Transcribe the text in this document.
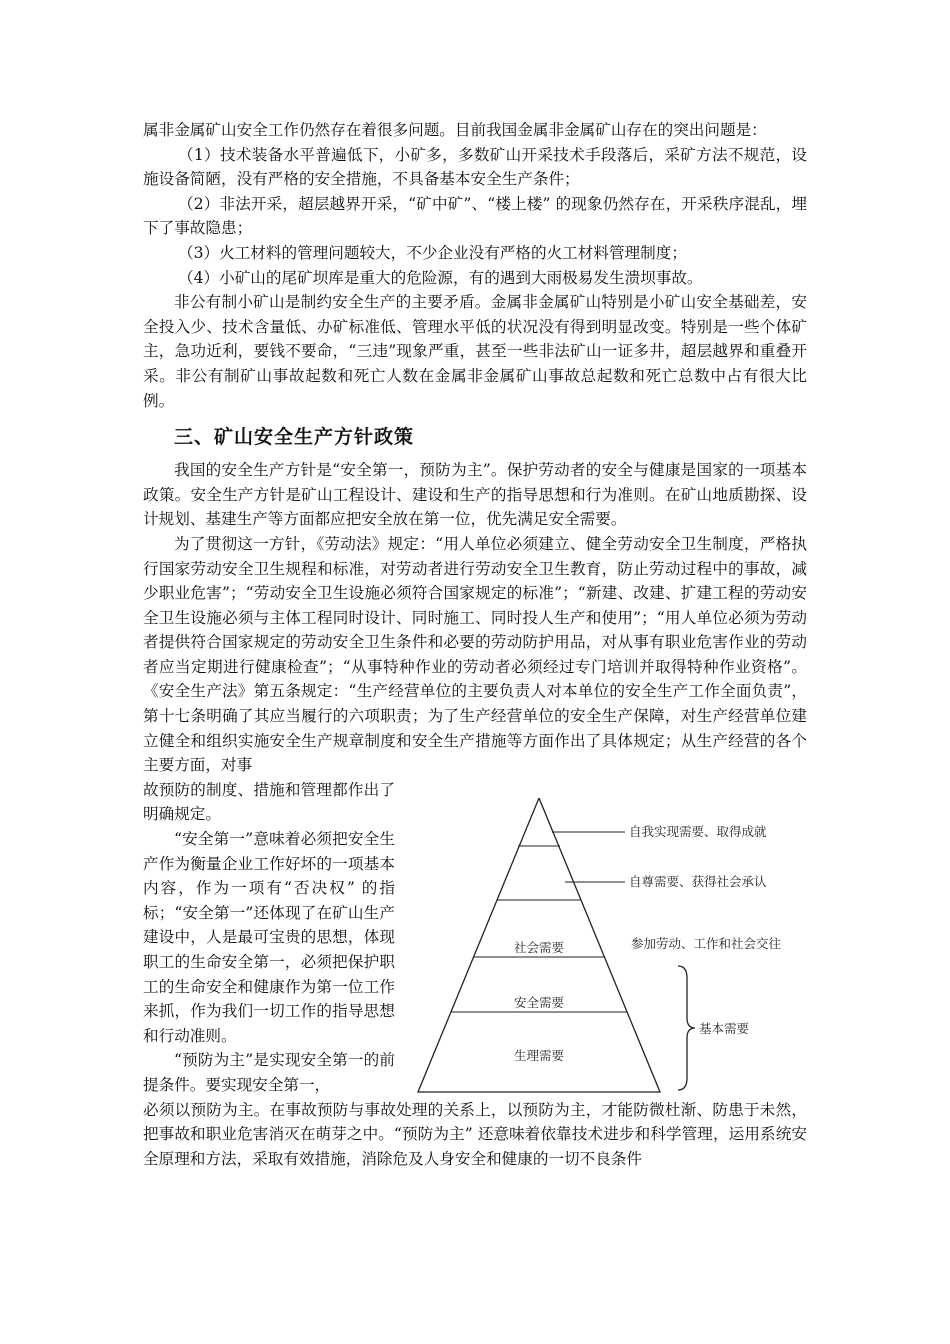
属非金属矿山安全工作仍然存在着很多问题。目前我国金属非金属矿山存在的突出问题是：

（1）技术装备水平普遍低下，小矿多，多数矿山开采技术手段落后，采矿方法不规范，设施设备简陋，没有严格的安全措施，不具备基本安全生产条件；

（2）非法开采，超层越界开采，“矿中矿”、“楼上楼” 的现象仍然存在，开采秩序混乱，埋下了事故隐患；

（3）火工材料的管理问题较大，不少企业没有严格的火工材料管理制度；

（4）小矿山的尾矿坝库是重大的危险源，有的遇到大雨极易发生溃坝事故。

非公有制小矿山是制约安全生产的主要矛盾。金属非金属矿山特别是小矿山安全基础差，安全投入少、技术含量低、办矿标准低、管理水平低的状况没有得到明显改变。特别是一些个体矿主，急功近利，要钱不要命，“三违”现象严重，甚至一些非法矿山一证多井，超层越界和重叠开采。非公有制矿山事故起数和死亡人数在金属非金属矿山事故总起数和死亡总数中占有很大比例。

三、矿山安全生产方针政策

我国的安全生产方针是“安全第一，预防为主”。保护劳动者的安全与健康是国家的一项基本政策。安全生产方针是矿山工程设计、建设和生产的指导思想和行为准则。在矿山地质勘探、设计规划、基建生产等方面都应把安全放在第一位，优先满足安全需要。

为了贯彻这一方针，《劳动法》规定：“用人单位必须建立、健全劳动安全卫生制度，严格执行国家劳动安全卫生规程和标准，对劳动者进行劳动安全卫生教育，防止劳动过程中的事故，减少职业危害”；“劳动安全卫生设施必须符合国家规定的标准”；“新建、改建、扩建工程的劳动安全卫生设施必须与主体工程同时设计、同时施工、同时投人生产和使用”；“用人单位必须为劳动者提供符合国家规定的劳动安全卫生条件和必要的劳动防护用品，对从事有职业危害作业的劳动者应当定期进行健康检查”；“从事特种作业的劳动者必须经过专门培训并取得特种作业资格”。《安全生产法》第五条规定：“生产经营单位的主要负责人对本单位的安全生产工作全面负责”，第十七条明确了其应当履行的六项职责；为了生产经营单位的安全生产保障，对生产经营单位建立健全和组织实施安全生产规章制度和安全生产措施等方面作出了具体规定；从生产经营的各个主要方面，对事

故预防的制度、措施和管理都作出了明确规定。

“安全第一”意味着必须把安全生产作为衡量企业工作好坏的一项基本内容，作为一项有“否决权” 的指标；“安全第一”还体现了在矿山生产建设中，人是最可宝贵的思想，体现职工的生命安全第一，必须把保护职工的生命安全和健康作为第一位工作来抓，作为我们一切工作的指导思想和行动准则。

“预防为主”是实现安全第一的前提条件。要实现安全第一，

生理需要
安全需要
社会需要
自我实现需要、取得成就
自尊需要、获得社会承认
参加劳动、工作和社会交往
基本需要

必须以预防为主。在事故预防与事故处理的关系上，以预防为主，才能防微杜渐、防患于未然，把事故和职业危害消灭在萌芽之中。“预防为主” 还意味着依靠技术进步和科学管理，运用系统安全原理和方法，采取有效措施，消除危及人身安全和健康的一切不良条件
